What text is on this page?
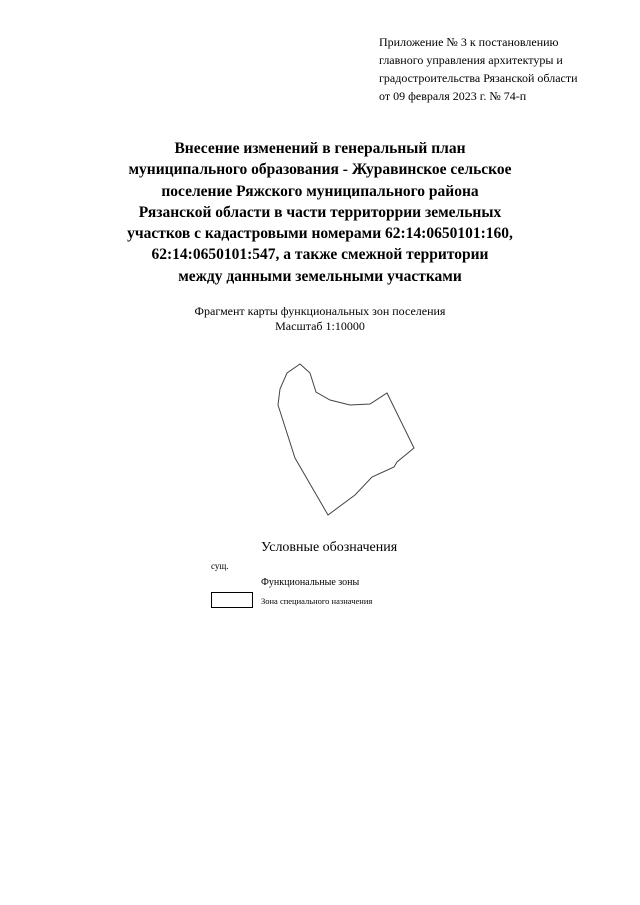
Приложение № 3 к постановлению
главного управления архитектуры и
градостроительства Рязанской области
от 09 февраля 2023 г. № 74-п
Внесение изменений в генеральный план
муниципального образования - Журавинское сельское
поселение Ряжского муниципального района
Рязанской области в части территоррии земельных
участков с кадастровыми номерами 62:14:0650101:160,
62:14:0650101:547, а также смежной территории
между данными земельными участками
Фрагмент карты функциональных зон поселения
Масштаб 1:10000
Условные обозначения
сущ.
Функциональные зоны
Зона специального назначения
